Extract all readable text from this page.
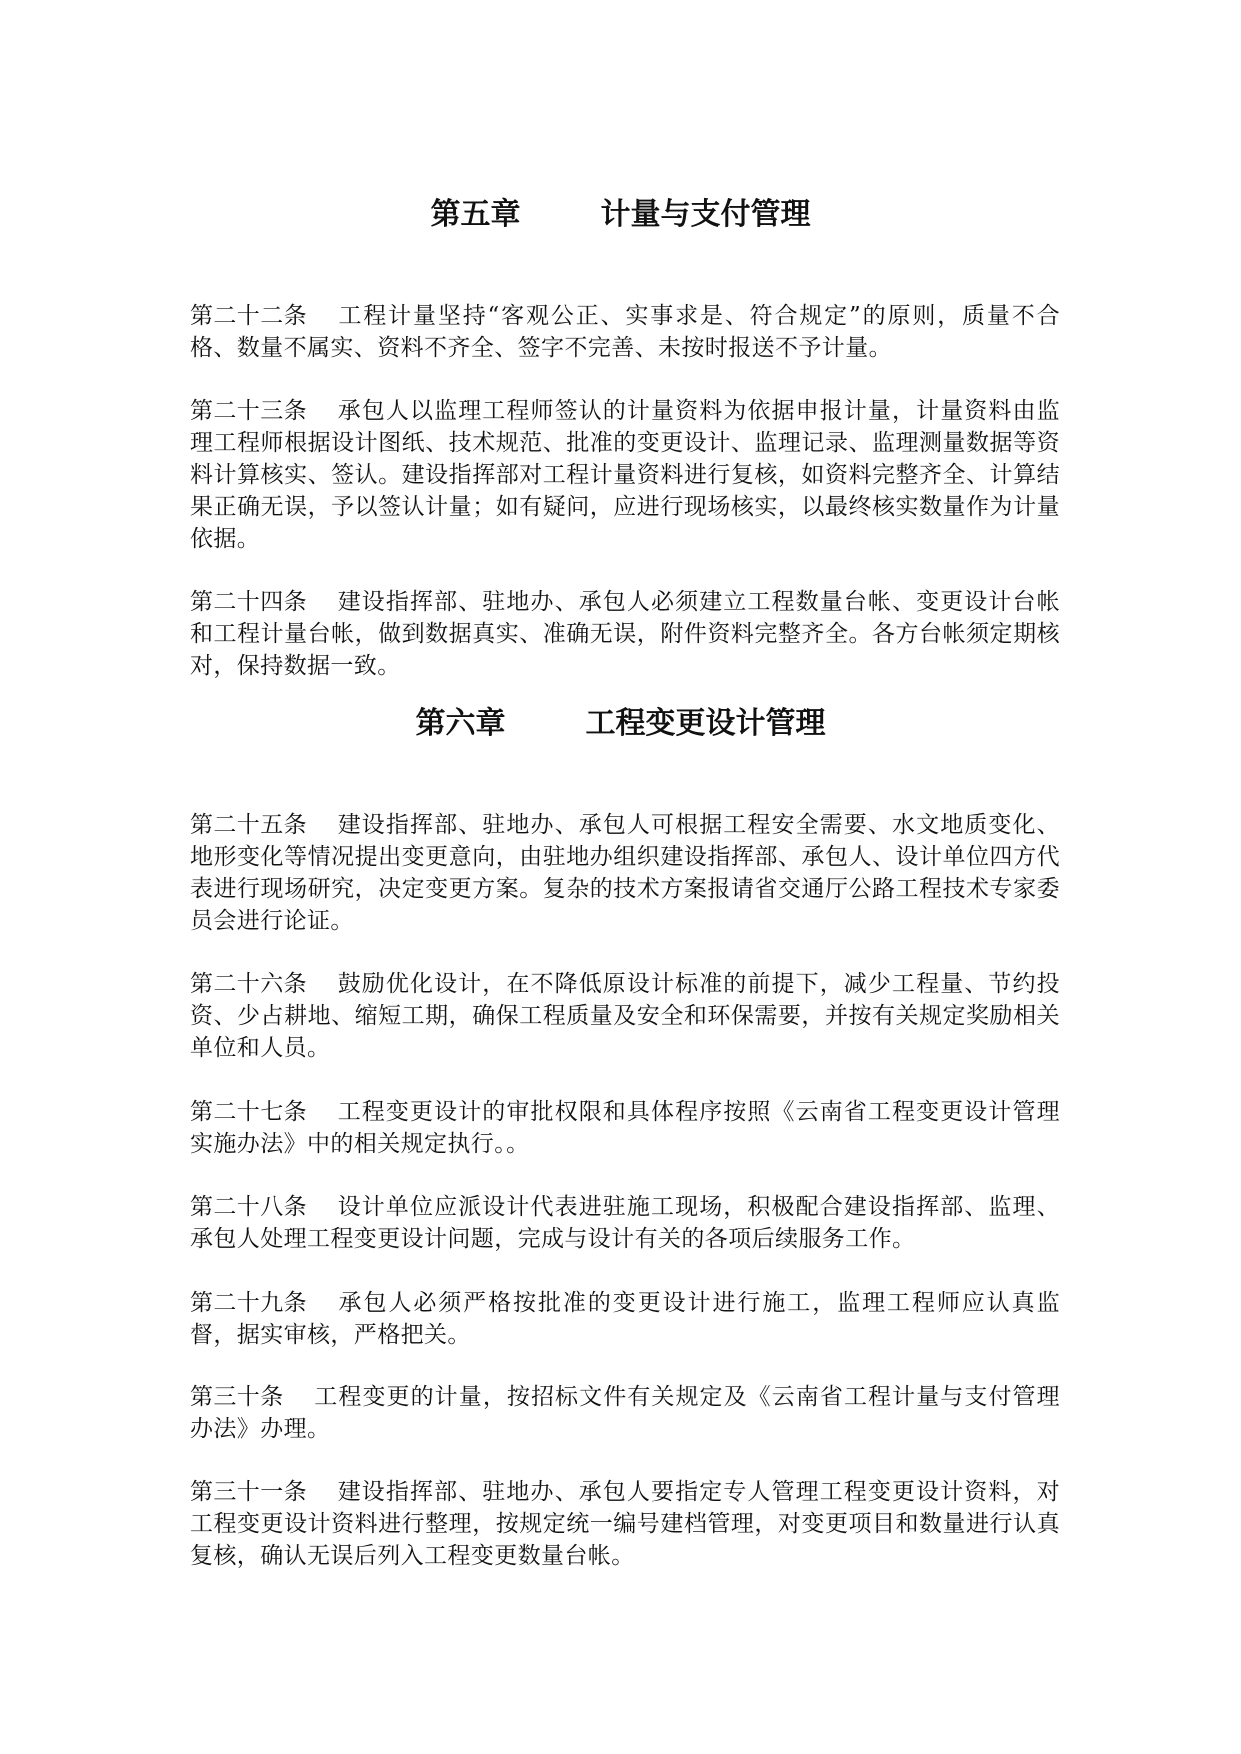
第五章	计量与支付管理

第二十二条 工程计量坚持“客观公正、实事求是、符合规定”的原则，质量不合格、数量不属实、资料不齐全、签字不完善、未按时报送不予计量。

第二十三条 承包人以监理工程师签认的计量资料为依据申报计量，计量资料由监理工程师根据设计图纸、技术规范、批准的变更设计、监理记录、监理测量数据等资料计算核实、签认。建设指挥部对工程计量资料进行复核，如资料完整齐全、计算结果正确无误，予以签认计量；如有疑问，应进行现场核实，以最终核实数量作为计量依据。

第二十四条 建设指挥部、驻地办、承包人必须建立工程数量台帐、变更设计台帐和工程计量台帐，做到数据真实、准确无误，附件资料完整齐全。各方台帐须定期核对，保持数据一致。

第六章	工程变更设计管理

第二十五条 建设指挥部、驻地办、承包人可根据工程安全需要、水文地质变化、地形变化等情况提出变更意向，由驻地办组织建设指挥部、承包人、设计单位四方代表进行现场研究，决定变更方案。复杂的技术方案报请省交通厅公路工程技术专家委员会进行论证。

第二十六条 鼓励优化设计，在不降低原设计标准的前提下，减少工程量、节约投资、少占耕地、缩短工期，确保工程质量及安全和环保需要，并按有关规定奖励相关单位和人员。

第二十七条 工程变更设计的审批权限和具体程序按照《云南省工程变更设计管理实施办法》中的相关规定执行。。

第二十八条 设计单位应派设计代表进驻施工现场，积极配合建设指挥部、监理、承包人处理工程变更设计问题，完成与设计有关的各项后续服务工作。

第二十九条 承包人必须严格按批准的变更设计进行施工，监理工程师应认真监督，据实审核，严格把关。

第三十条 工程变更的计量，按招标文件有关规定及《云南省工程计量与支付管理办法》办理。

第三十一条 建设指挥部、驻地办、承包人要指定专人管理工程变更设计资料，对工程变更设计资料进行整理，按规定统一编号建档管理，对变更项目和数量进行认真复核，确认无误后列入工程变更数量台帐。
